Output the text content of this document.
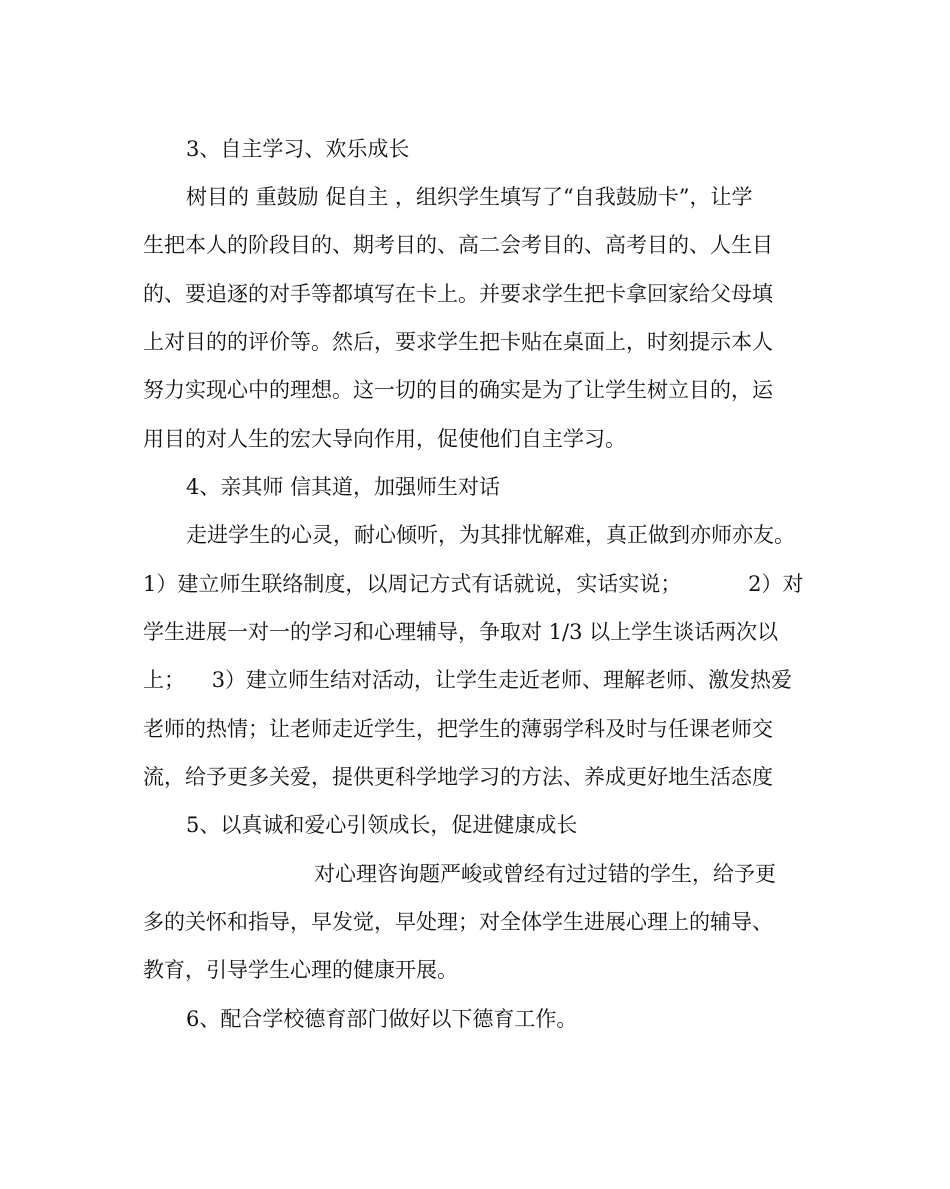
3、自主学习、欢乐成长
树目的 重鼓励 促自主 ，组织学生填写了“自我鼓励卡”，让学
生把本人的阶段目的、期考目的、高二会考目的、高考目的、人生目
的、要追逐的对手等都填写在卡上。并要求学生把卡拿回家给父母填
上对目的的评价等。然后，要求学生把卡贴在桌面上，时刻提示本人
努力实现心中的理想。这一切的目的确实是为了让学生树立目的，运
用目的对人生的宏大导向作用，促使他们自主学习。
4、亲其师 信其道，加强师生对话
走进学生的心灵，耐心倾听，为其排忧解难，真正做到亦师亦友。
1）建立师生联络制度，以周记方式有话就说，实话实说；          2）对
学生进展一对一的学习和心理辅导，争取对 1/3 以上学生谈话两次以
上；    3）建立师生结对活动，让学生走近老师、理解老师、激发热爱
老师的热情；让老师走近学生，把学生的薄弱学科及时与任课老师交
流，给予更多关爱，提供更科学地学习的方法、养成更好地生活态度
5、以真诚和爱心引领成长，促进健康成长
对心理咨询题严峻或曾经有过过错的学生，给予更
多的关怀和指导，早发觉，早处理；对全体学生进展心理上的辅导、
教育，引导学生心理的健康开展。
6、配合学校德育部门做好以下德育工作。
